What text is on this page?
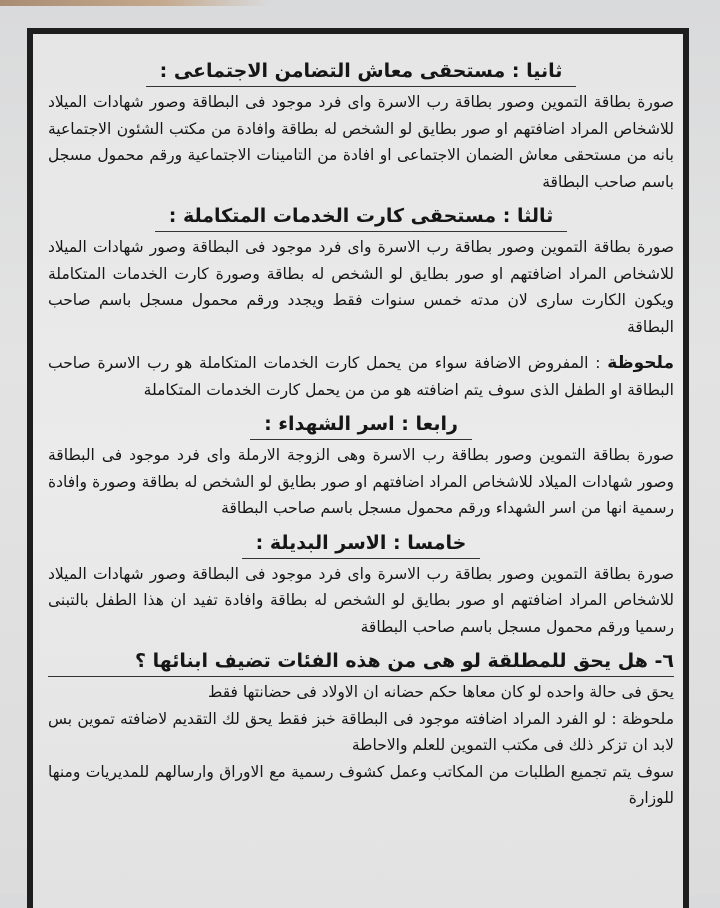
ثانيا : مستحقى معاش التضامن الاجتماعى :
صورة بطاقة التموين وصور بطاقة رب الاسرة واى فرد موجود فى البطاقة وصور شهادات الميلاد للاشخاص المراد اضافتهم او صور بطايق لو الشخص له بطاقة وافادة من مكتب الشئون الاجتماعية بانه من مستحقى معاش الضمان الاجتماعى او افادة من التامينات الاجتماعية ورقم محمول مسجل باسم صاحب البطاقة
ثالثا : مستحقى كارت الخدمات المتكاملة :
صورة بطاقة التموين وصور بطاقة رب الاسرة واى فرد موجود فى البطاقة وصور شهادات الميلاد للاشخاص المراد اضافتهم او صور بطايق لو الشخص له بطاقة وصورة كارت الخدمات المتكاملة ويكون الكارت سارى لان مدته خمس سنوات فقط ويجدد ورقم محمول مسجل باسم صاحب البطاقة
ملحوظة : المفروض الاضافة سواء من يحمل كارت الخدمات المتكاملة هو رب الاسرة صاحب البطاقة او الطفل الذى سوف يتم اضافته هو من من يحمل كارت الخدمات المتكاملة
رابعا : اسر الشهداء :
صورة بطاقة التموين وصور بطاقة رب الاسرة وهى الزوجة الارملة واى فرد موجود فى البطاقة وصور شهادات الميلاد للاشخاص المراد اضافتهم او صور بطايق لو الشخص له بطاقة وصورة وافادة رسمية انها من اسر الشهداء ورقم محمول مسجل باسم صاحب البطاقة
خامسا : الاسر البديلة :
صورة بطاقة التموين وصور بطاقة رب الاسرة واى فرد موجود فى البطاقة وصور شهادات الميلاد للاشخاص المراد اضافتهم او صور بطايق لو الشخص له بطاقة وافادة تفيد ان هذا الطفل بالتبنى رسميا ورقم محمول مسجل باسم صاحب البطاقة
٦- هل يحق للمطلقة لو هى من هذه الفئات تضيف ابنائها ؟
يحق فى حالة واحده لو كان معاها حكم حضانه ان الاولاد فى حضانتها فقط
ملحوظة : لو الفرد المراد اضافته موجود فى البطاقة خبز فقط يحق لك التقديم لاضافته تموين بس لابد ان تزكر ذلك فى مكتب التموين للعلم والاحاطة
سوف يتم تجميع الطلبات من المكاتب وعمل كشوف رسمية مع الاوراق وارسالهم للمديريات ومنها للوزارة
